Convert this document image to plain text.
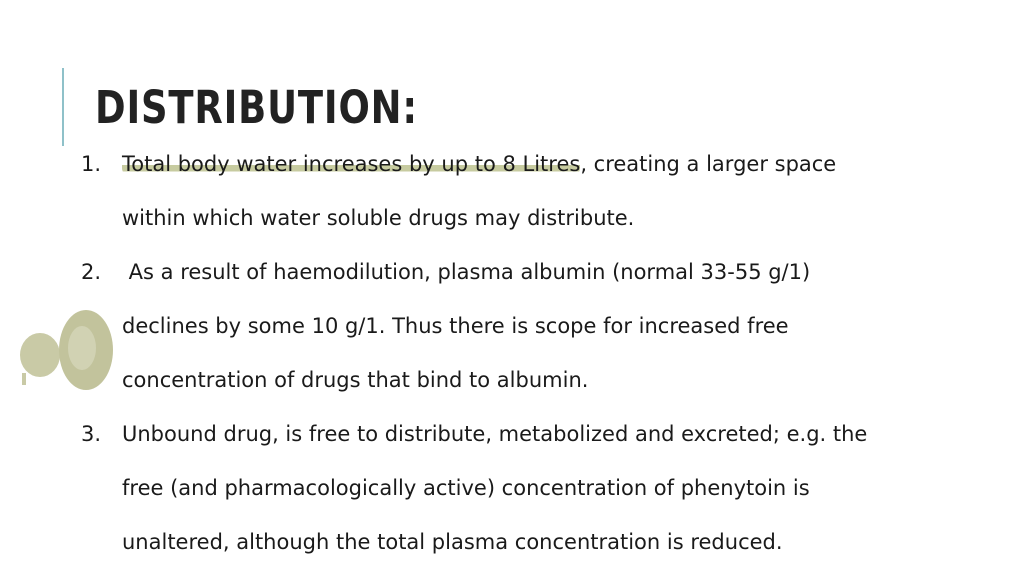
DISTRIBUTION:
1. Total body water increases by up to 8 Litres, creating a larger space
within which water soluble drugs may distribute.
2. As a result of haemodilution, plasma albumin (normal 33-55 g/1)
declines by some 10 g/1. Thus there is scope for increased free
concentration of drugs that bind to albumin.
3. Unbound drug, is free to distribute, metabolized and excreted; e.g. the
free (and pharmacologically active) concentration of phenytoin is
unaltered, although the total plasma concentration is reduced.
